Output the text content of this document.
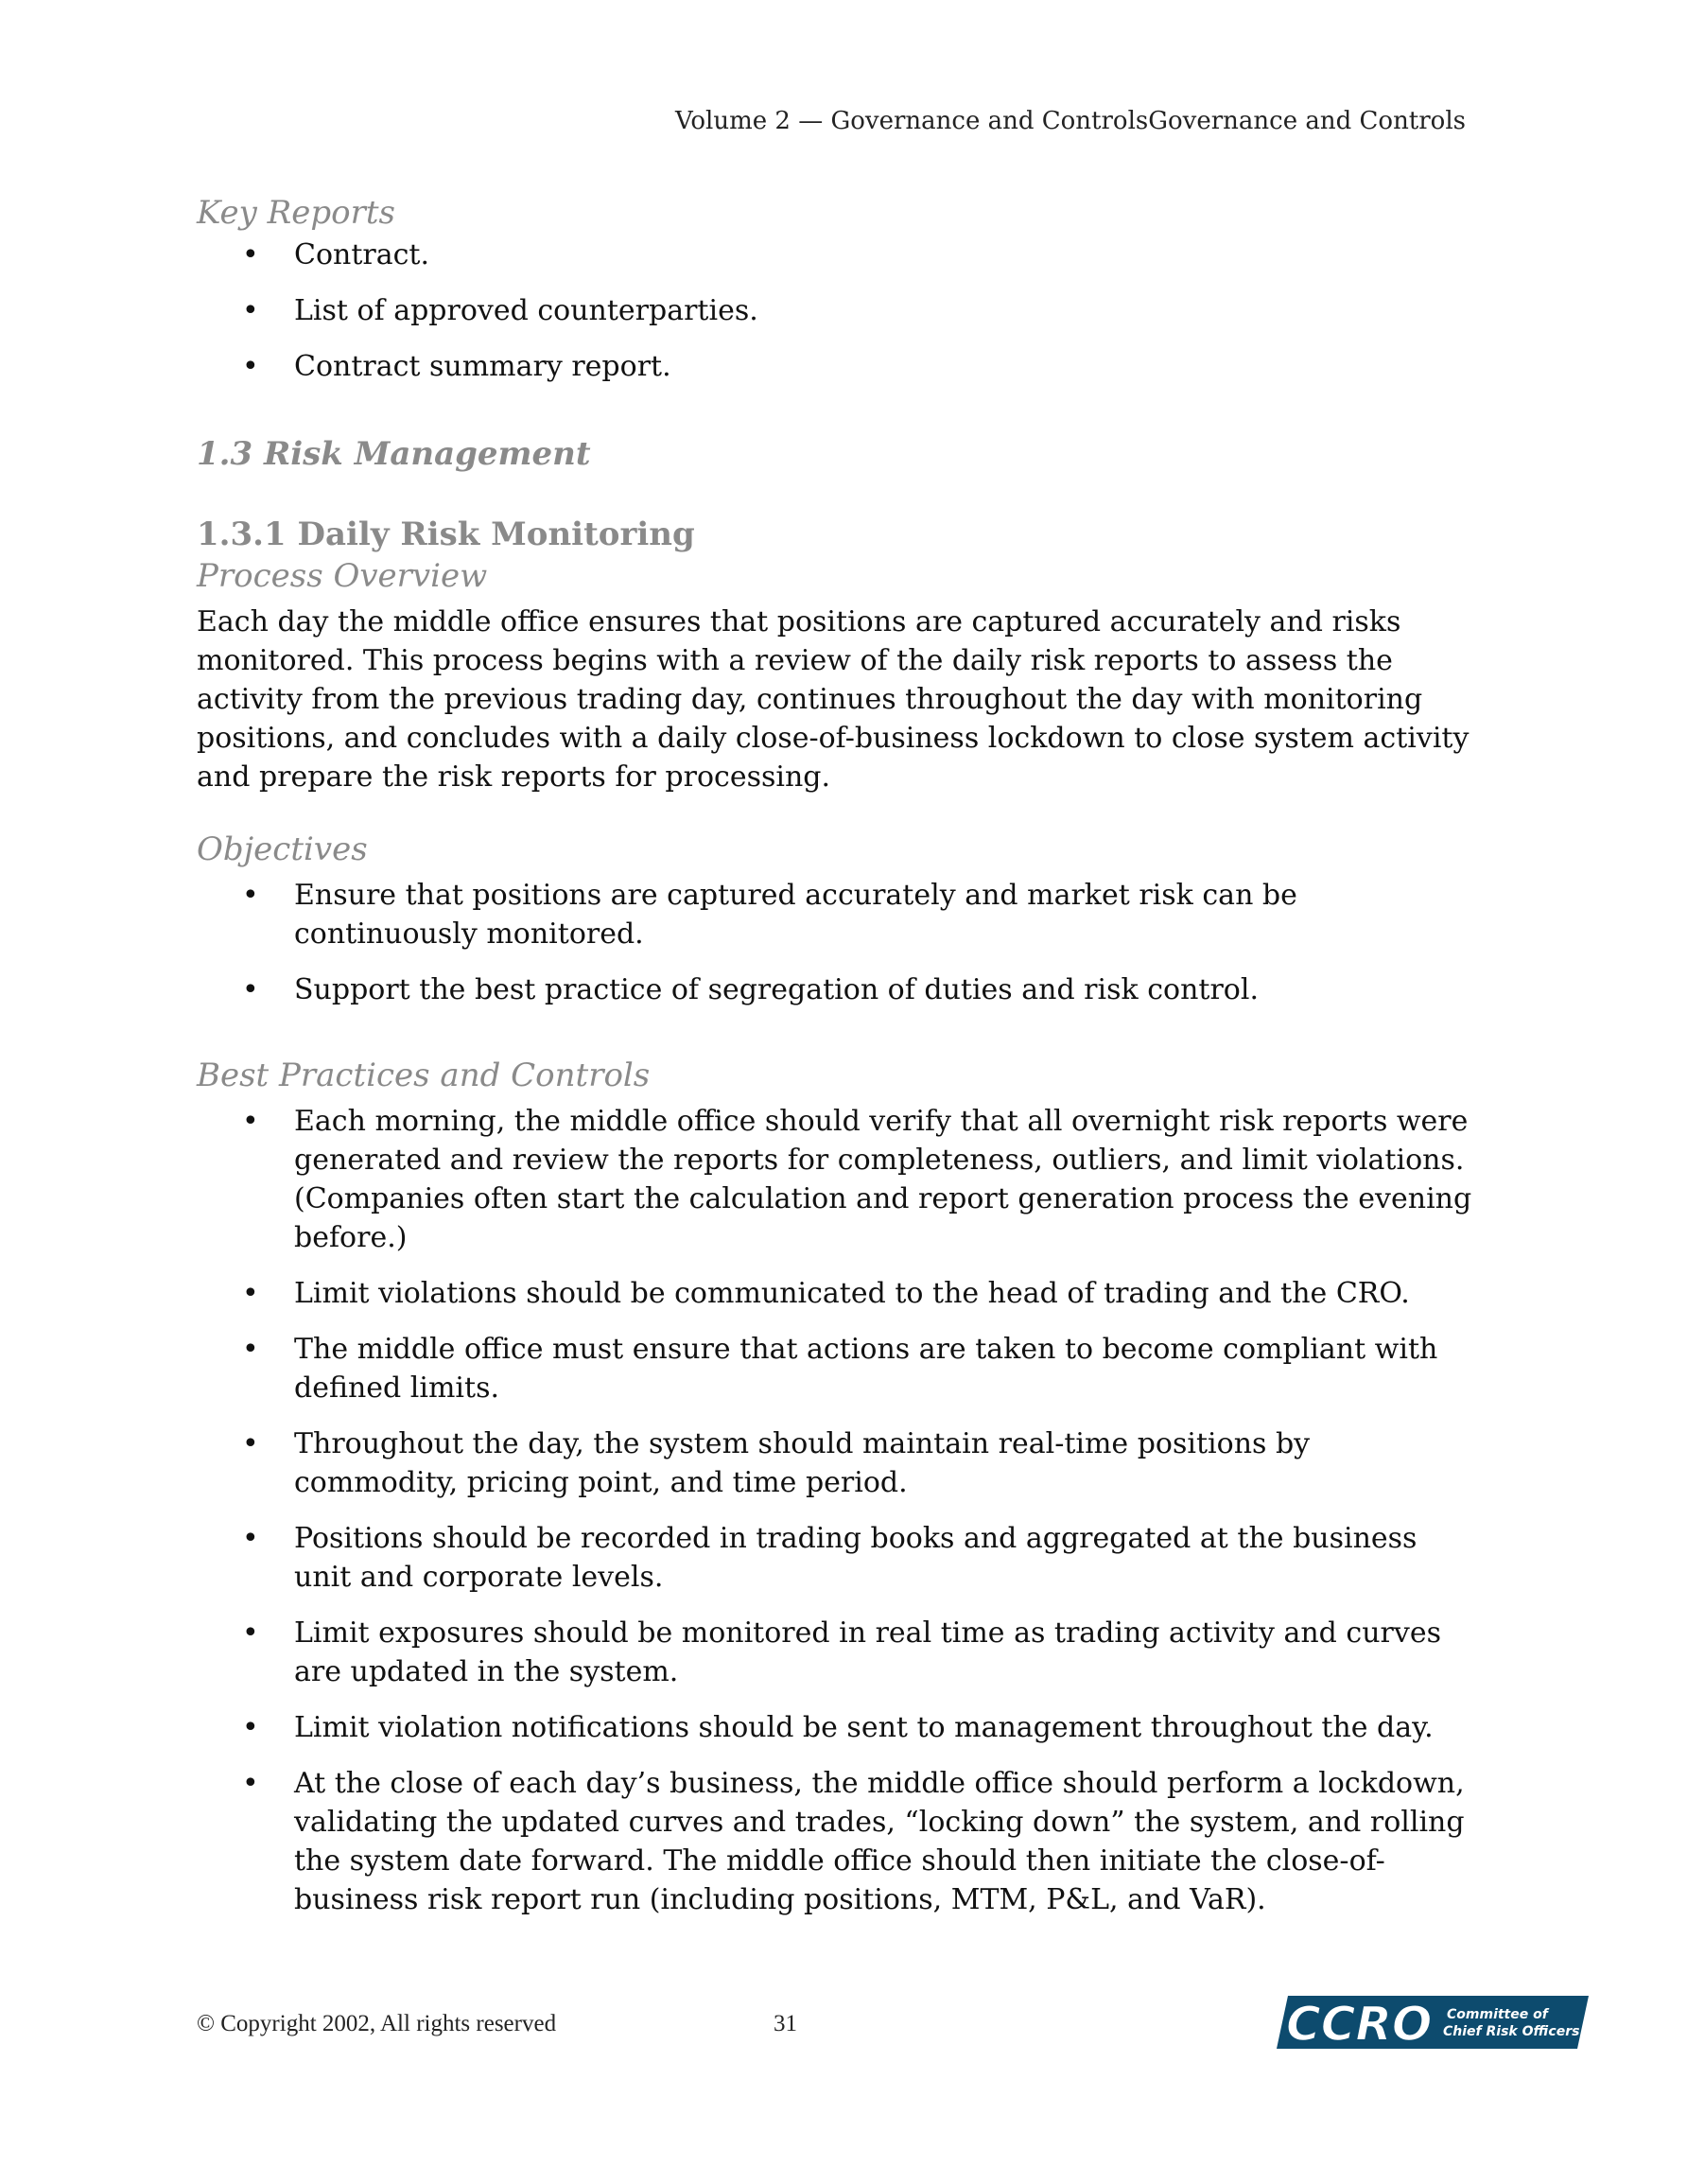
Volume 2 — Governance and ControlsGovernance and Controls
Key Reports
• Contract.
• List of approved counterparties.
• Contract summary report.
1.3 Risk Management
1.3.1 Daily Risk Monitoring
Process Overview

Each day the middle office ensures that positions are captured accurately and risks monitored. This process begins with a review of the daily risk reports to assess the activity from the previous trading day, continues throughout the day with monitoring positions, and concludes with a daily close-of-business lockdown to close system activity and prepare the risk reports for processing.

Objectives
• Ensure that positions are captured accurately and market risk can be continuously monitored.
• Support the best practice of segregation of duties and risk control.
Best Practices and Controls
• Each morning, the middle office should verify that all overnight risk reports were generated and review the reports for completeness, outliers, and limit violations. (Companies often start the calculation and report generation process the evening before.)
• Limit violations should be communicated to the head of trading and the CRO.
• The middle office must ensure that actions are taken to become compliant with defined limits.
• Throughout the day, the system should maintain real-time positions by commodity, pricing point, and time period.
• Positions should be recorded in trading books and aggregated at the business unit and corporate levels.
• Limit exposures should be monitored in real time as trading activity and curves are updated in the system.
• Limit violation notifications should be sent to management throughout the day.
• At the close of each day’s business, the middle office should perform a lockdown, validating the updated curves and trades, “locking down” the system, and rolling the system date forward. The middle office should then initiate the close-of-business risk report run (including positions, MTM, P&L, and VaR).
© Copyright 2002, All rights reserved	31	CCRO Committee of
Chief Risk Officers
